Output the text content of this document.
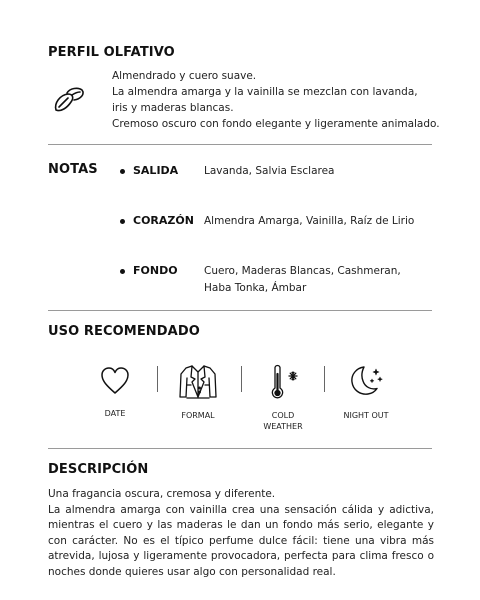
PERFIL OLFATIVO
Almendrado y cuero suave.
La almendra amarga y la vainilla se mezclan con lavanda,
iris y maderas blancas.
Cremoso oscuro con fondo elegante y ligeramente animalado.
NOTAS	SALIDA Lavanda, Salvia Esclarea
CORAZÓN Almendra Amarga, Vainilla, Raíz de Lirio
FONDO	Cuero, Maderas Blancas, Cashmeran, Haba Tonka, Ámbar
USO RECOMENDADO
DATE	FORMAL	COLD WEATHER
NIGHT OUT
DESCRIPCIÓN
Una fragancia oscura, cremosa y diferente.
La almendra amarga con vainilla crea una sensación cálida y adictiva, mientras el cuero y las maderas le dan un fondo más serio, elegante y con carácter. No es el típico perfume dulce fácil: tiene una vibra más atrevida, lujosa y ligeramente provocadora, perfecta para clima fresco o noches donde quieres usar algo con personalidad real.
